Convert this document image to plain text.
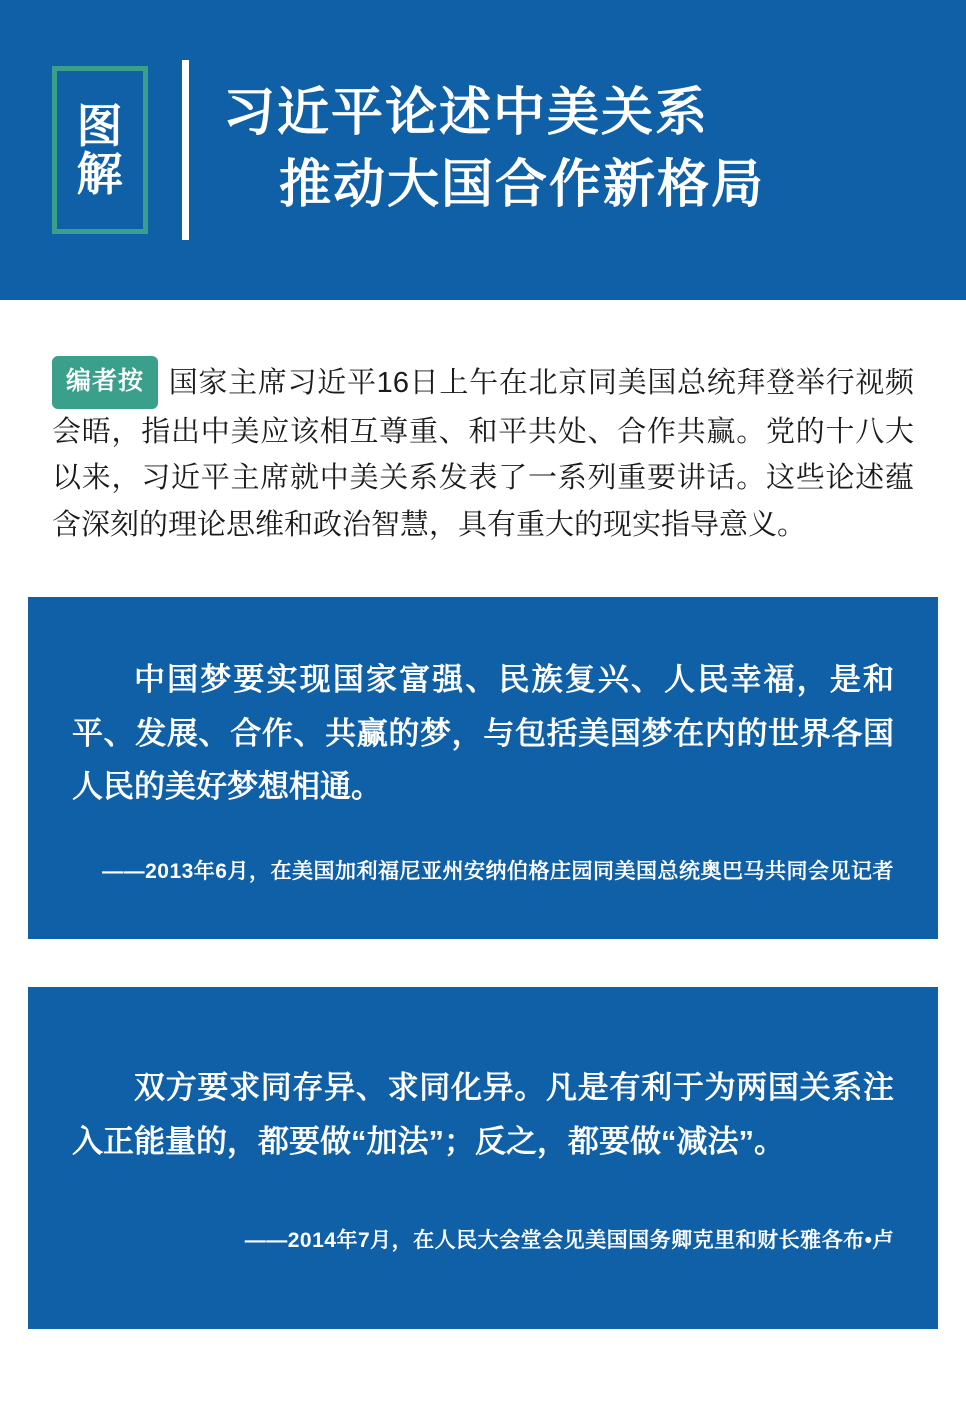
图
解
习近平论述中美关系
推动大国合作新格局
编者按 国家主席习近平16日上午在北京同美国总统拜登举行视频会晤，指出中美应该相互尊重、和平共处、合作共赢。党的十八大以来，习近平主席就中美关系发表了一系列重要讲话。这些论述蕴含深刻的理论思维和政治智慧，具有重大的现实指导意义。
中国梦要实现国家富强、民族复兴、人民幸福，是和平、发展、合作、共赢的梦，与包括美国梦在内的世界各国人民的美好梦想相通。
——2013年6月，在美国加利福尼亚州安纳伯格庄园同美国总统奥巴马共同会见记者
双方要求同存异、求同化异。凡是有利于为两国关系注入正能量的，都要做“加法”；反之，都要做“减法”。
——2014年7月，在人民大会堂会见美国国务卿克里和财长雅各布•卢
